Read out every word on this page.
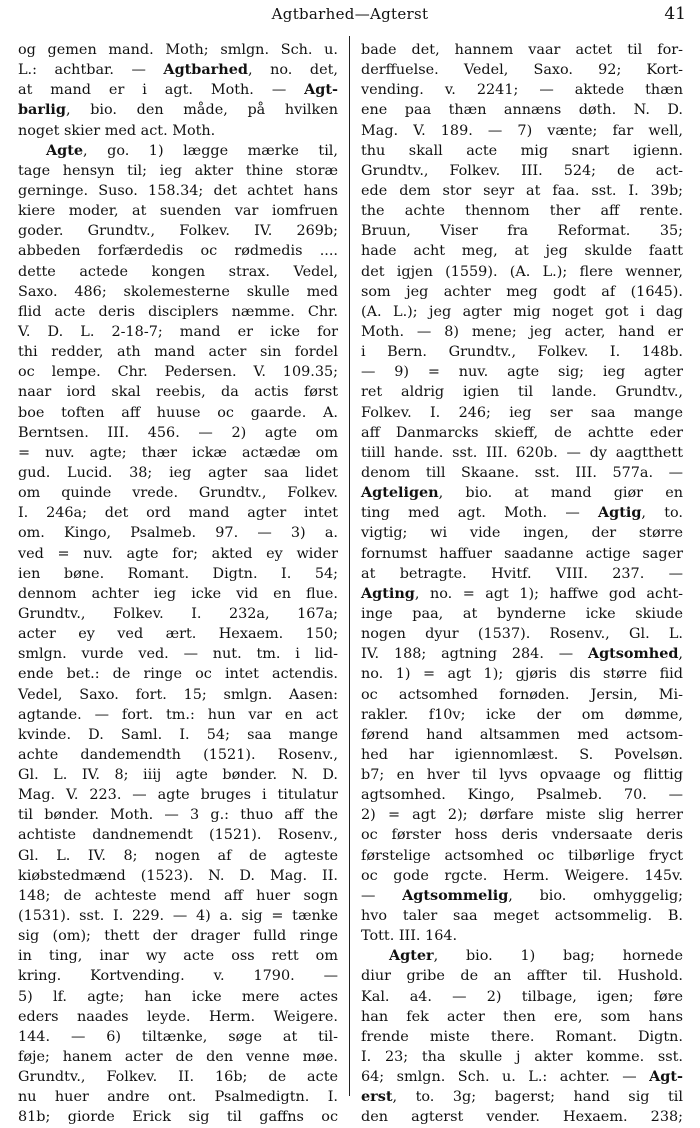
Agtbarhed—Agterst	41
og gemen mand. Moth; smlgn. Sch. u.
L.: achtbar. — Agtbarhed, no. det,
at mand er i agt. Moth. — Agt-
barlig, bio. den måde, på hvilken
noget skier med act. Moth.
Agte, go. 1) lægge mærke til,
tage hensyn til; ieg akter thine storæ
gerninge. Suso. 158.34; det achtet hans
kiere moder, at suenden var iomfruen
goder. Grundtv., Folkev. IV. 269b;
abbeden forfærdedis oc rødmedis ....
dette actede kongen strax. Vedel,
Saxo. 486; skolemesterne skulle med
flid acte deris disciplers næmme. Chr.
V. D. L. 2-18-7; mand er icke for
thi redder, ath mand acter sin fordel
oc lempe. Chr. Pedersen. V. 109.35;
naar iord skal reebis, da actis først
boe toften aff huuse oc gaarde. A.
Berntsen. III. 456. — 2) agte om
= nuv. agte; thær ickæ actædæ om
gud. Lucid. 38; ieg agter saa lidet
om quinde vrede. Grundtv., Folkev.
I. 246a; det ord mand agter intet
om. Kingo, Psalmeb. 97. — 3) a.
ved = nuv. agte for; akted ey wider
ien bøne. Romant. Digtn. I. 54;
dennom achter ieg icke vid en flue.
Grundtv., Folkev. I. 232a, 167a;
acter ey ved ært. Hexaem. 150;
smlgn. vurde ved. — nut. tm. i lid-
ende bet.: de ringe oc intet actendis.
Vedel, Saxo. fort. 15; smlgn. Aasen:
agtande. — fort. tm.: hun var en act
kvinde. D. Saml. I. 54; saa mange
achte dandemendth (1521). Rosenv.,
Gl. L. IV. 8; iiij agte bønder. N. D.
Mag. V. 223. — agte bruges i titulatur
til bønder. Moth. — 3 g.: thuo aff the
achtiste dandnemendt (1521). Rosenv.,
Gl. L. IV. 8; nogen af de agteste
kiøbstedmænd (1523). N. D. Mag. II.
148; de achteste mend aff huer sogn
(1531). sst. I. 229. — 4) a. sig = tænke
sig (om); thett der drager fulld ringe
in ting, inar wy acte oss rett om
kring. Kortvending. v. 1790. —
5) lf. agte; han icke mere actes
eders naades leyde. Herm. Weigere.
144. — 6) tiltænke, søge at til-
føje; hanem acter de den venne møe.
Grundtv., Folkev. II. 16b; de acte
nu huer andre ont. Psalmedigtn. I.
81b; giorde Erick sig til gaffns oc
bade det, hannem vaar actet til for-
derffuelse. Vedel, Saxo. 92; Kort-
vending. v. 2241; — aktede thæn
ene paa thæn annæns døth. N. D.
Mag. V. 189. — 7) vænte; far well,
thu skall acte mig snart igienn.
Grundtv., Folkev. III. 524; de act-
ede dem stor seyr at faa. sst. I. 39b;
the achte thennom ther aff rente.
Bruun, Viser fra Reformat. 35;
hade acht meg, at jeg skulde faatt
det igjen (1559). (A. L.); flere wenner,
som jeg achter meg godt af (1645).
(A. L.); jeg agter mig noget got i dag
Moth. — 8) mene; jeg acter, hand er
i Bern. Grundtv., Folkev. I. 148b.
— 9) = nuv. agte sig; ieg agter
ret aldrig igien til lande. Grundtv.,
Folkev. I. 246; ieg ser saa mange
aff Danmarcks skieff, de achtte eder
tiill hande. sst. III. 620b. — dy aagtthett
denom till Skaane. sst. III. 577a. —
Agteligen, bio. at mand giør en
ting med agt. Moth. — Agtig, to.
vigtig; wi vide ingen, der større
fornumst haffuer saadanne actige sager
at betragte. Hvitf. VIII. 237. —
Agting, no. = agt 1); haffwe god acht-
inge paa, at bynderne icke skiude
nogen dyur (1537). Rosenv., Gl. L.
IV. 188; agtning 284. — Agtsomhed,
no. 1) = agt 1); gjøris dis større fiid
oc actsomhed fornøden. Jersin, Mi-
rakler. f10v; icke der om dømme,
førend hand altsammen med actsom-
hed har igiennomlæst. S. Povelsøn.
b7; en hver til lyvs opvaage og flittig
agtsomhed. Kingo, Psalmeb. 70. —
2) = agt 2); dørfare miste slig herrer
oc førster hoss deris vndersaate deris
førstelige actsomhed oc tilbørlige fryct
oc gode rgcte. Herm. Weigere. 145v.
— Agtsommelig, bio. omhyggelig;
hvo taler saa meget actsommelig. B.
Tott. III. 164.
Agter, bio. 1) bag; hornede
diur gribe de an affter til. Hushold.
Kal. a4. — 2) tilbage, igen; føre
han fek acter then ere, som hans
frende miste there. Romant. Digtn.
I. 23; tha skulle j akter komme. sst.
64; smlgn. Sch. u. L.: achter. — Agt-
erst, to. 3g; bagerst; hand sig til
den agterst vender. Hexaem. 238;
